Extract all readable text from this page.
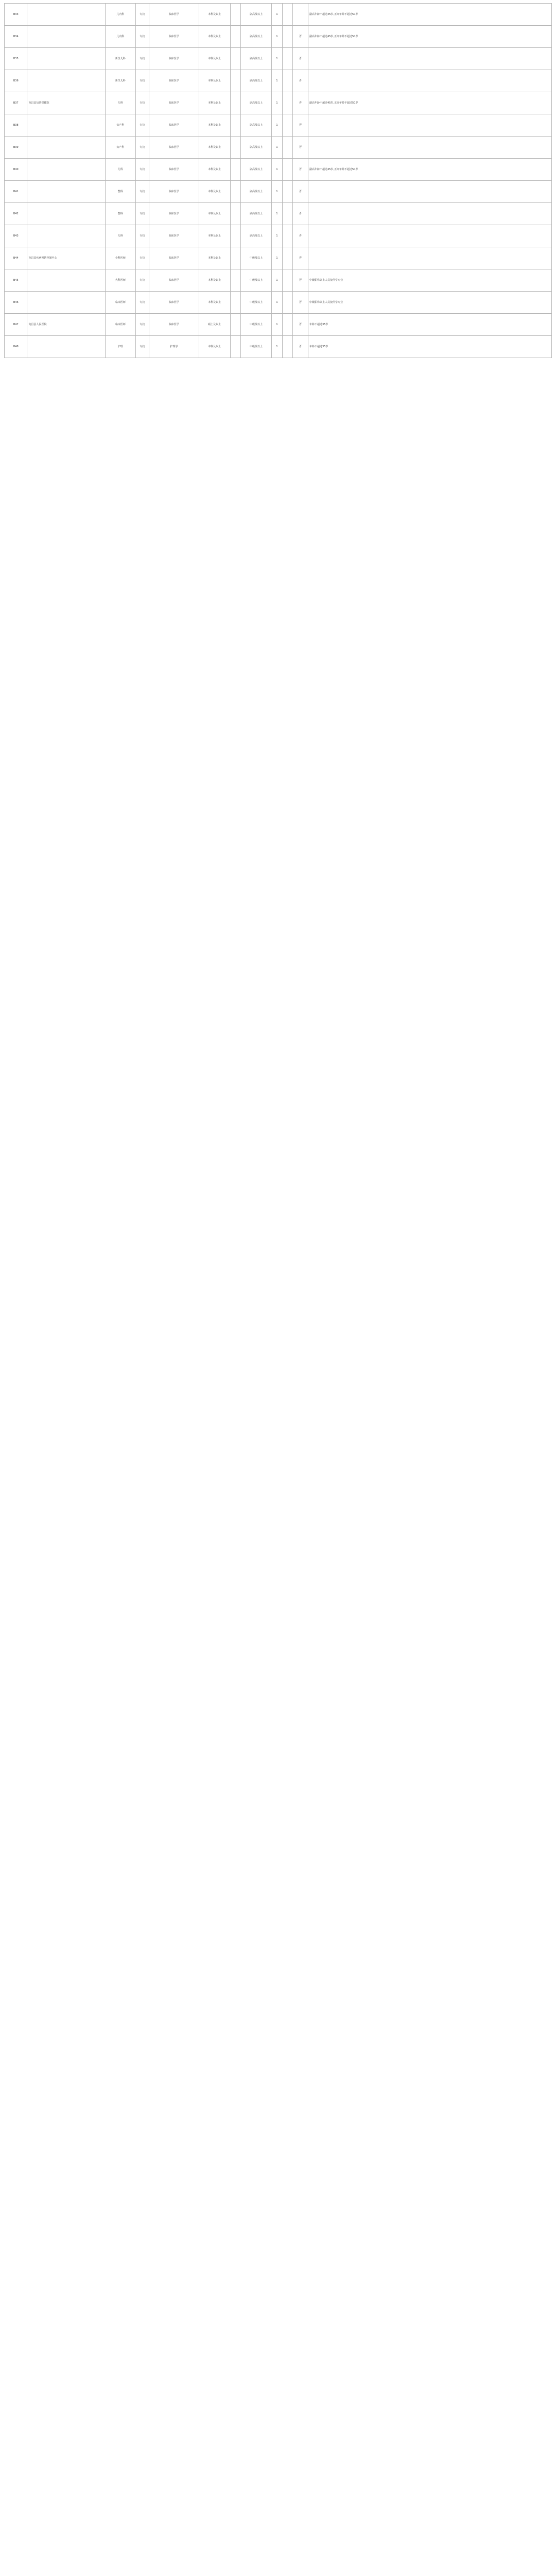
B33		儿内科	专技	临床医学	本科及以上		副高及以上	1			副高年龄不超过45岁,正高年龄不超过50岁
B34		儿内科	专技	临床医学	本科及以上		副高及以上	1		否	副高年龄不超过45岁,正高年龄不超过50岁
B35		新生儿科	专技	临床医学	本科及以上		副高及以上	1		否	
B36		新生儿科	专技	临床医学	本科及以上		副高及以上	1		否	
B37	屯昌县妇幼保健院	儿科	专技	临床医学	本科及以上		副高及以上	1		否	副高年龄不超过45岁,正高年龄不超过50岁
B38		妇产科	专技	临床医学	本科及以上		副高及以上	1		否	
B39		妇产科	专技	临床医学	本科及以上		副高及以上	1		否	
B40		儿科	专技	临床医学	本科及以上		副高及以上	1		否	副高年龄不超过45岁,正高年龄不超过50岁
B41		整科	专技	临床医学	本科及以上		副高及以上	1		否	
B42		整科	专技	临床医学	本科及以上		副高及以上	1		否	
B43		儿科	专技	临床医学	本科及以上		副高及以上	1		否	
B44	屯昌县疾病预防控制中心	全科医师	专技	临床医学	本科及以上		中级及以上	1		否	
B45		大科医师	专技	临床医学	本科及以上		中级及以上	1		否	中级职称以上人员按所学专业
B46		临床医师	专技	临床医学	本科及以上		中级及以上	1		否	中级职称以上人员按所学专业
B47	屯昌县人民医院	临床医师	专技	临床医学	硕士及以上		中级及以上	1		否	年龄不超过35岁
B48		护理	专技	护理学	本科及以上		中级及以上	1		否	年龄不超过35岁
